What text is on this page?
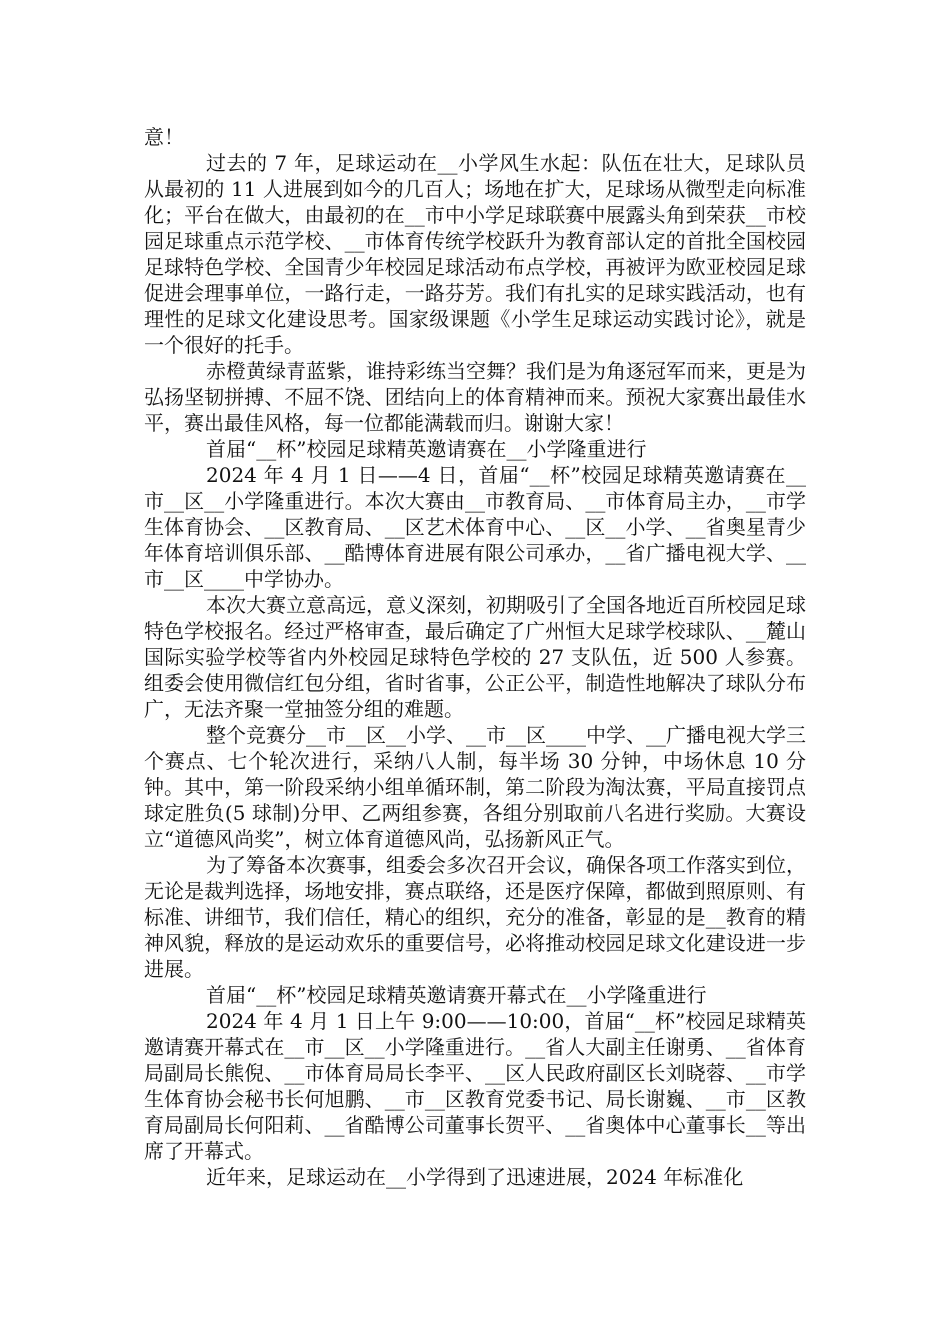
意！

过去的 7 年，足球运动在__小学风生水起：队伍在壮大，足球队员从最初的 11 人进展到如今的几百人；场地在扩大，足球场从微型走向标准化；平台在做大，由最初的在__市中小学足球联赛中展露头角到荣获__市校园足球重点示范学校、__市体育传统学校跃升为教育部认定的首批全国校园足球特色学校、全国青少年校园足球活动布点学校，再被评为欧亚校园足球促进会理事单位，一路行走，一路芬芳。我们有扎实的足球实践活动，也有理性的足球文化建设思考。国家级课题《小学生足球运动实践讨论》，就是一个很好的托手。

赤橙黄绿青蓝紫，谁持彩练当空舞？我们是为角逐冠军而来，更是为弘扬坚韧拼搏、不屈不饶、团结向上的体育精神而来。预祝大家赛出最佳水平，赛出最佳风格，每一位都能满载而归。谢谢大家！

首届“__杯”校园足球精英邀请赛在__小学隆重进行

2024 年 4 月 1 日——4 日，首届“__杯”校园足球精英邀请赛在__市__区__小学隆重进行。本次大赛由__市教育局、__市体育局主办，__市学生体育协会、__区教育局、__区艺术体育中心、__区__小学、__省奥星青少年体育培训俱乐部、__酷博体育进展有限公司承办，__省广播电视大学、__市__区____中学协办。

本次大赛立意高远，意义深刻，初期吸引了全国各地近百所校园足球特色学校报名。经过严格审查，最后确定了广州恒大足球学校球队、__麓山国际实验学校等省内外校园足球特色学校的 27 支队伍，近 500 人参赛。组委会使用微信红包分组，省时省事，公正公平，制造性地解决了球队分布广，无法齐聚一堂抽签分组的难题。

整个竞赛分__市__区__小学、__市__区____中学、__广播电视大学三个赛点、七个轮次进行，采纳八人制，每半场 30 分钟，中场休息 10 分钟。其中，第一阶段采纳小组单循环制，第二阶段为淘汰赛，平局直接罚点球定胜负(5 球制)分甲、乙两组参赛，各组分别取前八名进行奖励。大赛设立“道德风尚奖”，树立体育道德风尚，弘扬新风正气。

为了筹备本次赛事，组委会多次召开会议，确保各项工作落实到位，无论是裁判选择，场地安排，赛点联络，还是医疗保障，都做到照原则、有标准、讲细节，我们信任，精心的组织，充分的准备，彰显的是__教育的精神风貌，释放的是运动欢乐的重要信号，必将推动校园足球文化建设进一步进展。

首届“__杯”校园足球精英邀请赛开幕式在__小学隆重进行

2024 年 4 月 1 日上午 9:00——10:00，首届“__杯”校园足球精英邀请赛开幕式在__市__区__小学隆重进行。__省人大副主任谢勇、__省体育局副局长熊倪、__市体育局局长李平、__区人民政府副区长刘晓蓉、__市学生体育协会秘书长何旭鹏、__市__区教育党委书记、局长谢巍、__市__区教育局副局长何阳莉、__省酷博公司董事长贺平、__省奥体中心董事长__等出席了开幕式。

近年来，足球运动在__小学得到了迅速进展，2024 年标准化
